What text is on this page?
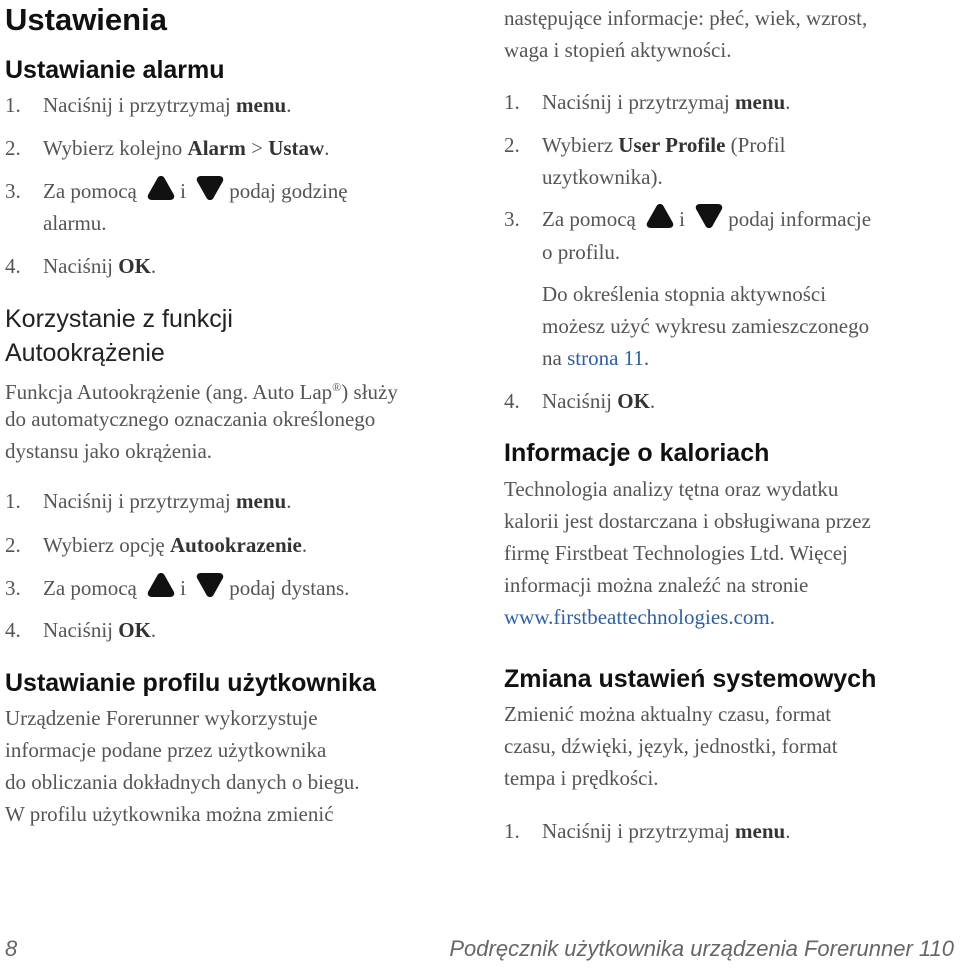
Ustawienia
Ustawianie alarmu
1. Naciśnij i przytrzymaj menu.
2. Wybierz kolejno Alarm > Ustaw.
3. Za pomocą i podaj godzinę
alarmu.
4. Naciśnij OK.
Korzystanie z funkcji
Autookrążenie
Funkcja Autookrążenie (ang. Auto Lap®) służy
do automatycznego oznaczania określonego
dystansu jako okrążenia.
1. Naciśnij i przytrzymaj menu.
2. Wybierz opcję Autookrazenie.
3. Za pomocą i podaj dystans.
4. Naciśnij OK.
Ustawianie profilu użytkownika
Urządzenie Forerunner wykorzystuje
informacje podane przez użytkownika
do obliczania dokładnych danych o biegu.
W profilu użytkownika można zmienić
następujące informacje: płeć, wiek, wzrost,
waga i stopień aktywności.
1. Naciśnij i przytrzymaj menu.
2. Wybierz User Profile (Profil
uzytkownika).
3. Za pomocą i podaj informacje
o profilu.
Do określenia stopnia aktywności
możesz użyć wykresu zamieszczonego
na strona 11.
4. Naciśnij OK.
Informacje o kaloriach
Technologia analizy tętna oraz wydatku
kalorii jest dostarczana i obsługiwana przez
firmę Firstbeat Technologies Ltd. Więcej
informacji można znaleźć na stronie
www.firstbeattechnologies.com.
Zmiana ustawień systemowych
Zmienić można aktualny czasu, format
czasu, dźwięki, język, jednostki, format
tempa i prędkości.
1. Naciśnij i przytrzymaj menu.
8	Podręcznik użytkownika urządzenia Forerunner 110
